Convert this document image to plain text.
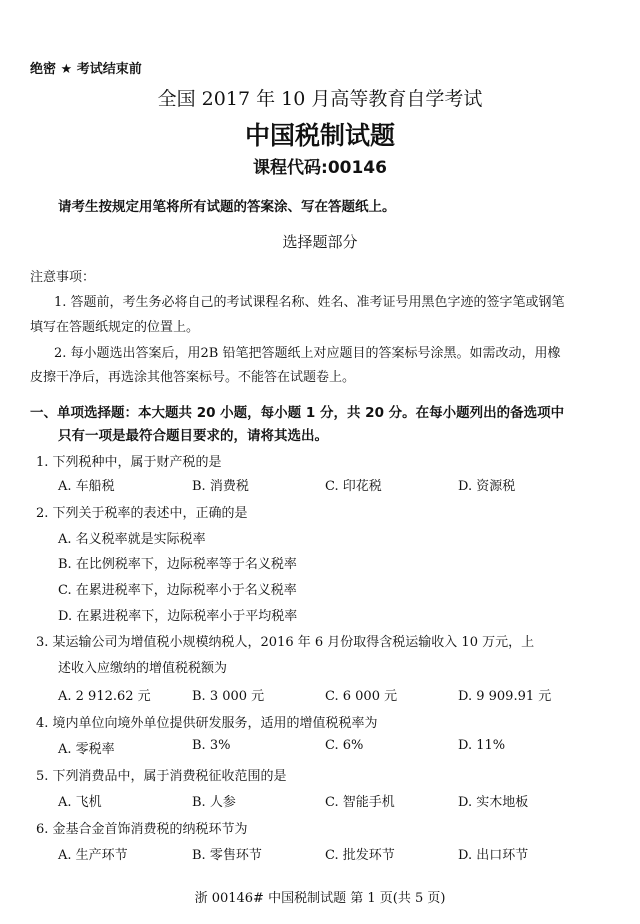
绝密 ★ 考试结束前
全国 2017 年 10 月高等教育自学考试
中国税制试题
课程代码:00146
请考生按规定用笔将所有试题的答案涂、写在答题纸上。
选择题部分
注意事项：
1. 答题前，考生务必将自己的考试课程名称、姓名、准考证号用黑色字迹的签字笔或钢笔
填写在答题纸规定的位置上。
2. 每小题选出答案后，用2B 铅笔把答题纸上对应题目的答案标号涂黑。如需改动，用橡
皮擦干净后，再选涂其他答案标号。不能答在试题卷上。
一、单项选择题：本大题共 20 小题，每小题 1 分，共 20 分。在每小题列出的备选项中
只有一项是最符合题目要求的，请将其选出。
1. 下列税种中，属于财产税的是
A. 车船税	B. 消费税	C. 印花税	D. 资源税
2. 下列关于税率的表述中，正确的是
A. 名义税率就是实际税率
B. 在比例税率下，边际税率等于名义税率
C. 在累进税率下，边际税率小于名义税率
D. 在累进税率下，边际税率小于平均税率
3. 某运输公司为增值税小规模纳税人，2016 年 6 月份取得含税运输收入 10 万元，上
述收入应缴纳的增值税税额为
A. 2 912.62 元	B. 3 000 元	C. 6 000 元	D. 9 909.91 元
4. 境内单位向境外单位提供研发服务，适用的增值税税率为
A. 零税率	B. 3%	C. 6%	D. 11%
5. 下列消费品中，属于消费税征收范围的是
A. 飞机	B. 人参	C. 智能手机	D. 实木地板
6. 金基合金首饰消费税的纳税环节为
A. 生产环节	B. 零售环节	C. 批发环节	D. 出口环节
浙 00146# 中国税制试题 第 1 页(共 5 页)
